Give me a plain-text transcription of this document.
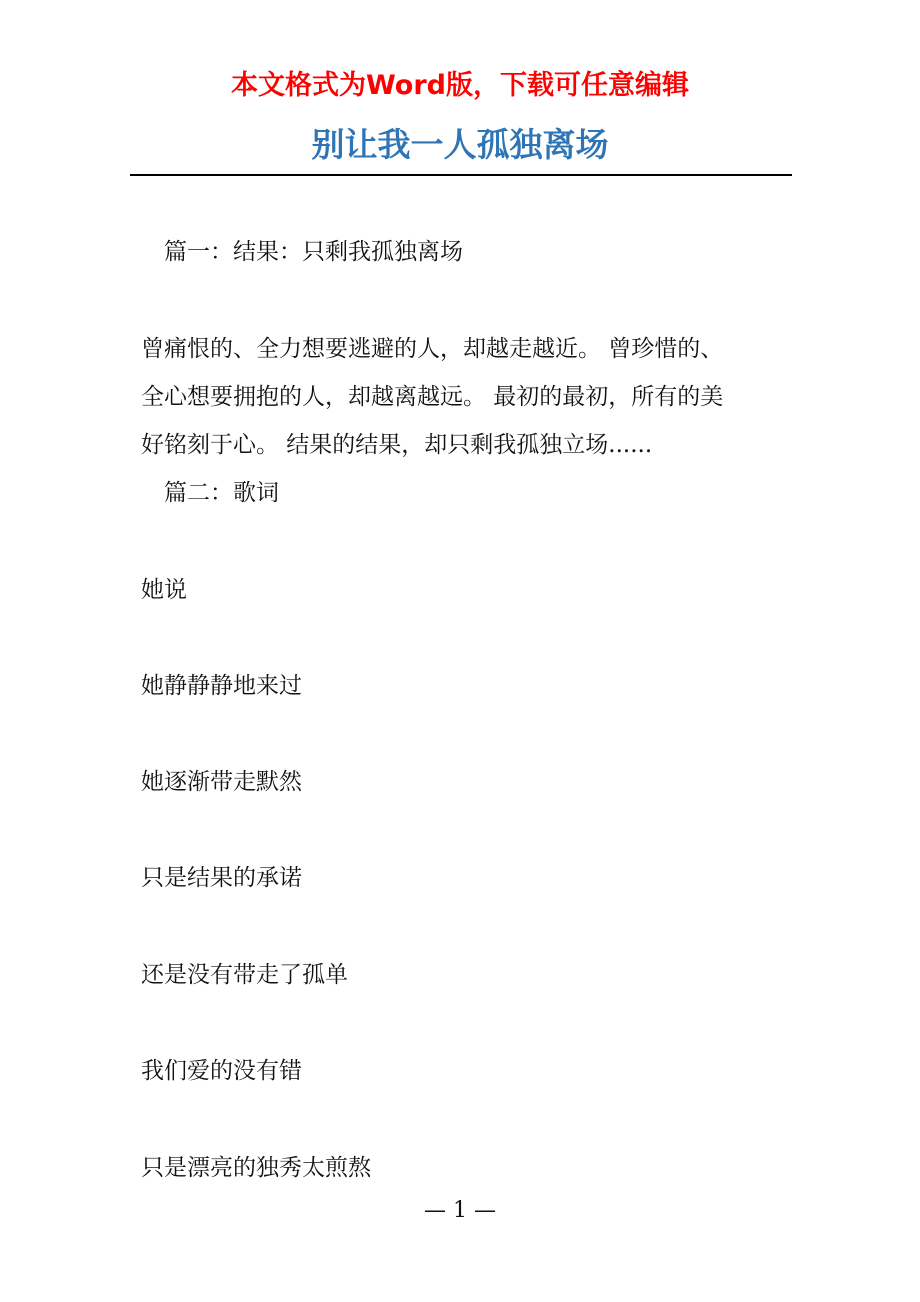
本文格式为Word版，下载可任意编辑
别让我一人孤独离场
篇一：结果：只剩我孤独离场
曾痛恨的、全力想要逃避的人，却越走越近。 曾珍惜的、
全心想要拥抱的人，却越离越远。 最初的最初，所有的美
好铭刻于心。 结果的结果，却只剩我孤独立场......
篇二：歌词
她说
她静静静地来过
她逐渐带走默然
只是结果的承诺
还是没有带走了孤单
我们爱的没有错
只是漂亮的独秀太煎熬
— 1 —
